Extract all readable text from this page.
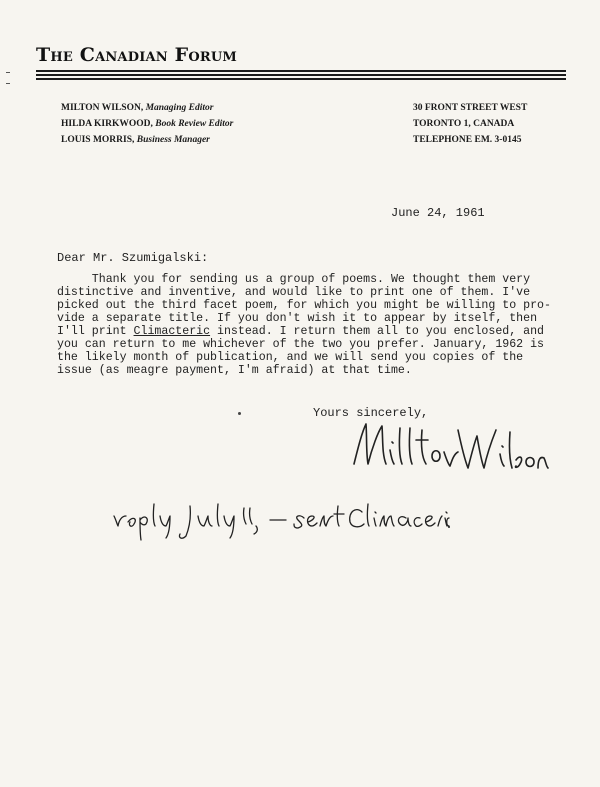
The Canadian Forum
MILTON WILSON, Managing Editor
HILDA KIRKWOOD, Book Review Editor
LOUIS MORRIS, Business Manager
30 FRONT STREET WEST
TORONTO 1, CANADA
TELEPHONE EM. 3-0145
June 24, 1961
Dear Mr. Szumigalski:
Thank you for sending us a group of poems. We thought them very
distinctive and inventive, and would like to print one of them. I've
picked out the third facet poem, for which you might be willing to pro-
vide a separate title. If you don't wish it to appear by itself, then
I'll print Climacteric instead. I return them all to you enclosed, and
you can return to me whichever of the two you prefer. January, 1962 is
the likely month of publication, and we will send you copies of the
issue (as meagre payment, I'm afraid) at that time.
Yours sincerely,
